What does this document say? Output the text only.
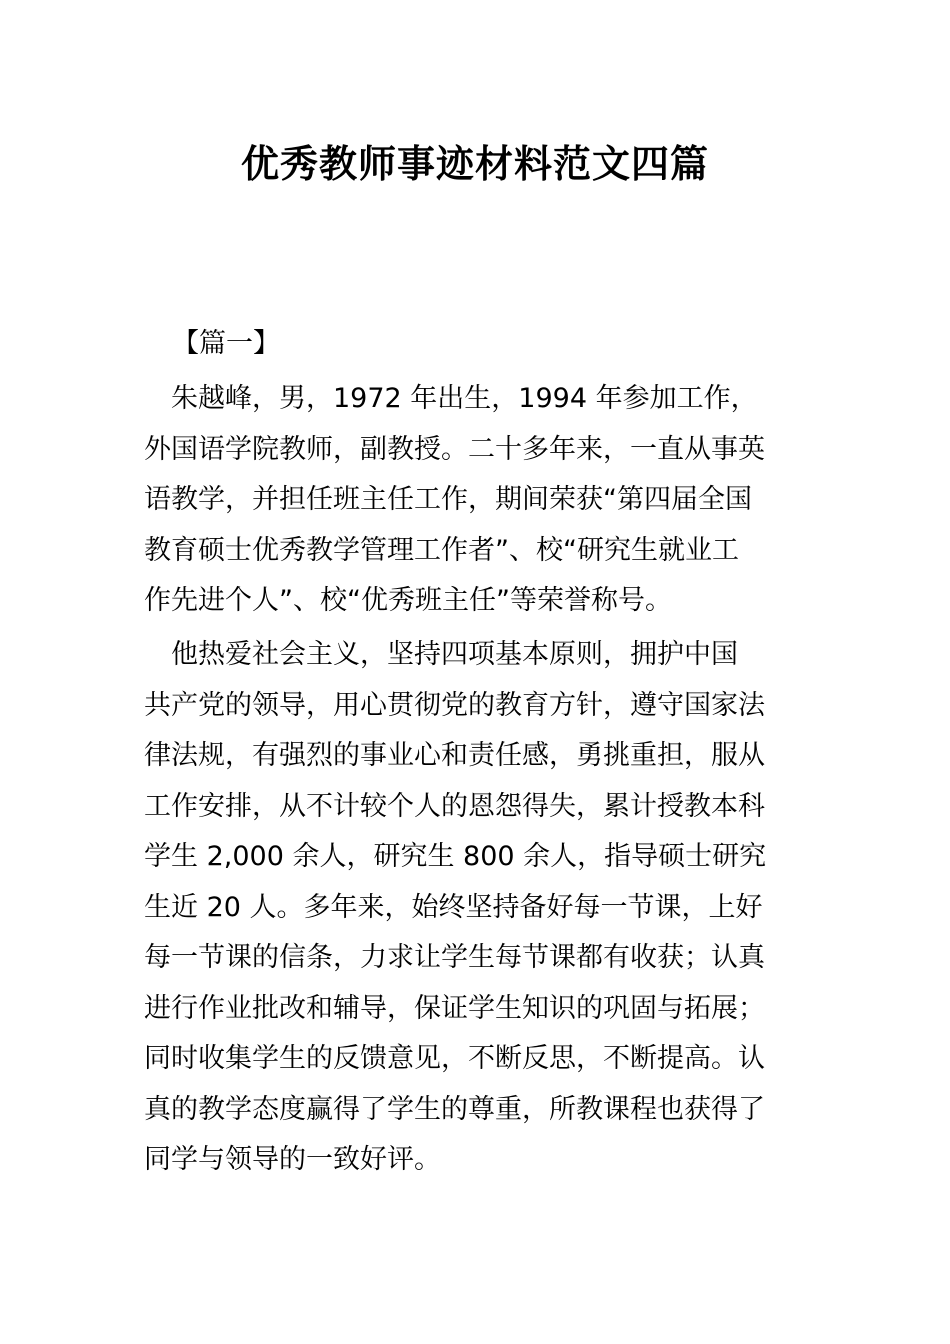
优秀教师事迹材料范文四篇
【篇一】
　朱越峰，男，1972 年出生，1994 年参加工作，
外国语学院教师，副教授。二十多年来，一直从事英
语教学，并担任班主任工作，期间荣获“第四届全国
教育硕士优秀教学管理工作者”、校“研究生就业工
作先进个人”、校“优秀班主任”等荣誉称号。
　他热爱社会主义，坚持四项基本原则，拥护中国
共产党的领导，用心贯彻党的教育方针，遵守国家法
律法规，有强烈的事业心和责任感，勇挑重担，服从
工作安排，从不计较个人的恩怨得失，累计授教本科
学生 2,000 余人，研究生 800 余人，指导硕士研究
生近 20 人。多年来，始终坚持备好每一节课，上好
每一节课的信条，力求让学生每节课都有收获；认真
进行作业批改和辅导，保证学生知识的巩固与拓展；
同时收集学生的反馈意见，不断反思，不断提高。认
真的教学态度赢得了学生的尊重，所教课程也获得了
同学与领导的一致好评。
